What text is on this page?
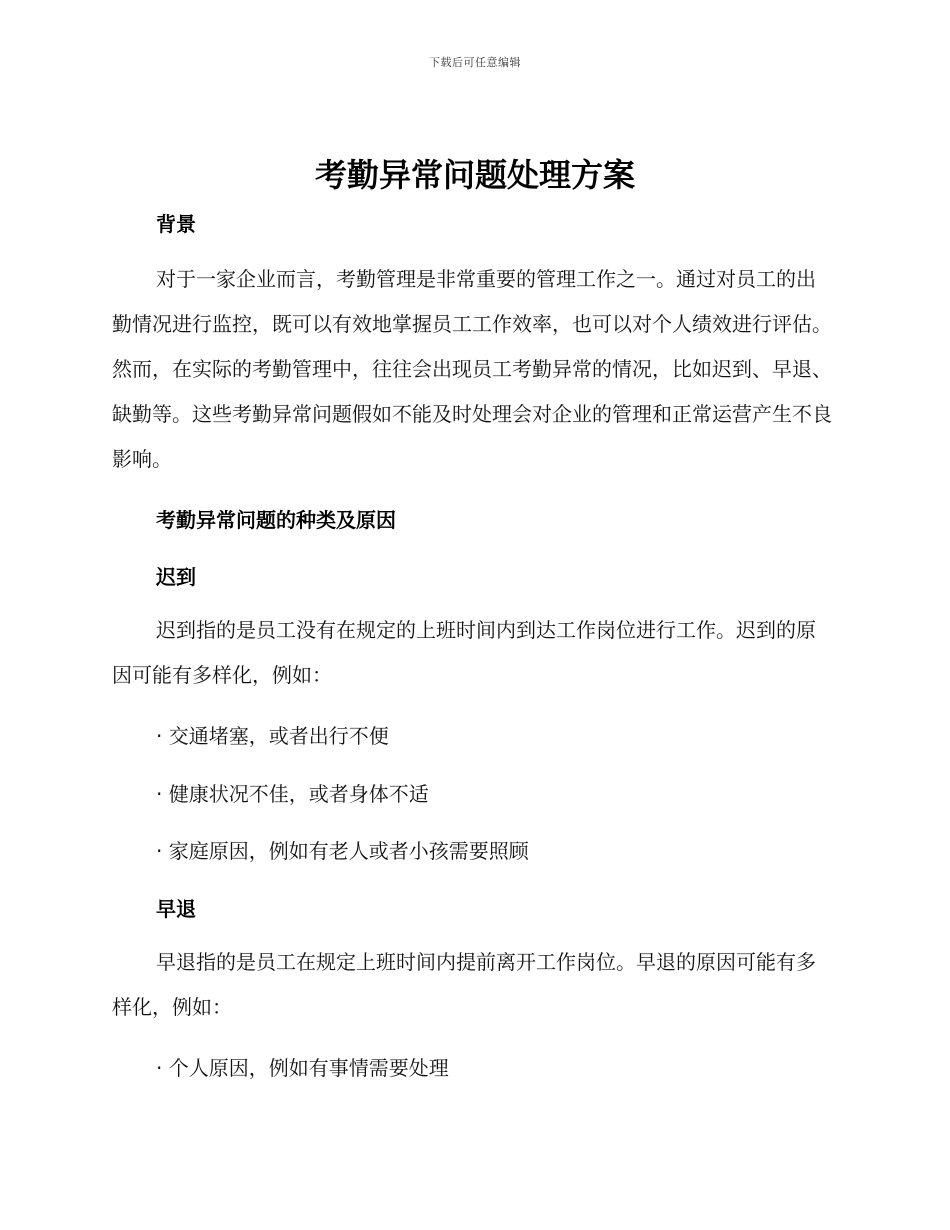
下载后可任意编辑
考勤异常问题处理方案

背景

对于一家企业而言，考勤管理是非常重要的管理工作之一。通过对员工的出勤情况进行监控，既可以有效地掌握员工工作效率，也可以对个人绩效进行评估。然而，在实际的考勤管理中，往往会出现员工考勤异常的情况，比如迟到、早退、缺勤等。这些考勤异常问题假如不能及时处理会对企业的管理和正常运营产生不良影响。

考勤异常问题的种类及原因

迟到

迟到指的是员工没有在规定的上班时间内到达工作岗位进行工作。迟到的原因可能有多样化，例如：

· 交通堵塞，或者出行不便

· 健康状况不佳，或者身体不适

· 家庭原因，例如有老人或者小孩需要照顾

早退

早退指的是员工在规定上班时间内提前离开工作岗位。早退的原因可能有多样化，例如：

· 个人原因，例如有事情需要处理
